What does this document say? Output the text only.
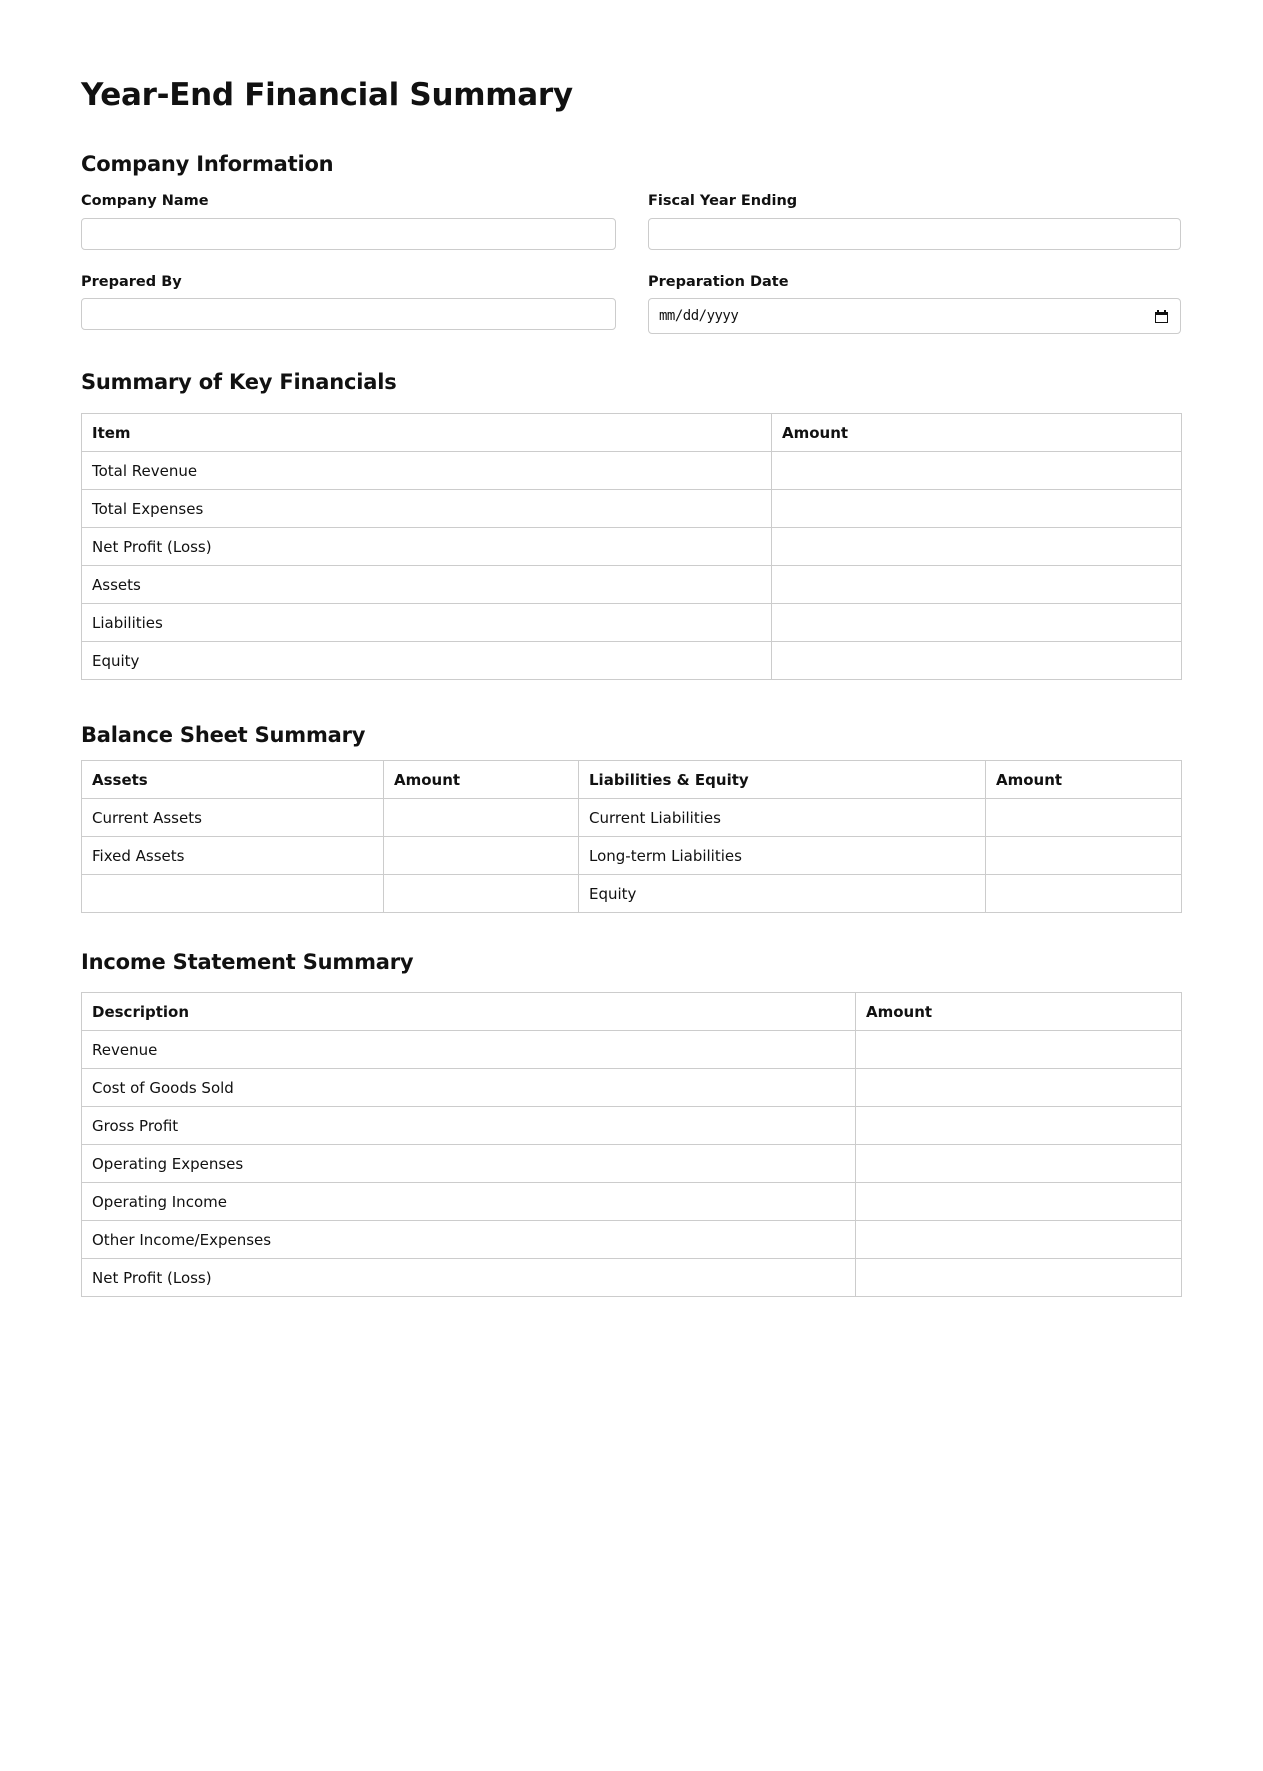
Year-End Financial Summary
Company Information
Company Name	Fiscal Year Ending
Prepared By	Preparation Date
mm/dd/yyyy
Summary of Key Financials
Item	Amount
Total Revenue	
Total Expenses	
Net Profit (Loss)	
Assets	
Liabilities	
Equity	
Balance Sheet Summary
Assets	Amount	Liabilities & Equity	Amount
Current Assets		Current Liabilities	
Fixed Assets		Long-term Liabilities	
		Equity	
Income Statement Summary
Description	Amount
Revenue	
Cost of Goods Sold	
Gross Profit	
Operating Expenses	
Operating Income	
Other Income/Expenses	
Net Profit (Loss)	
